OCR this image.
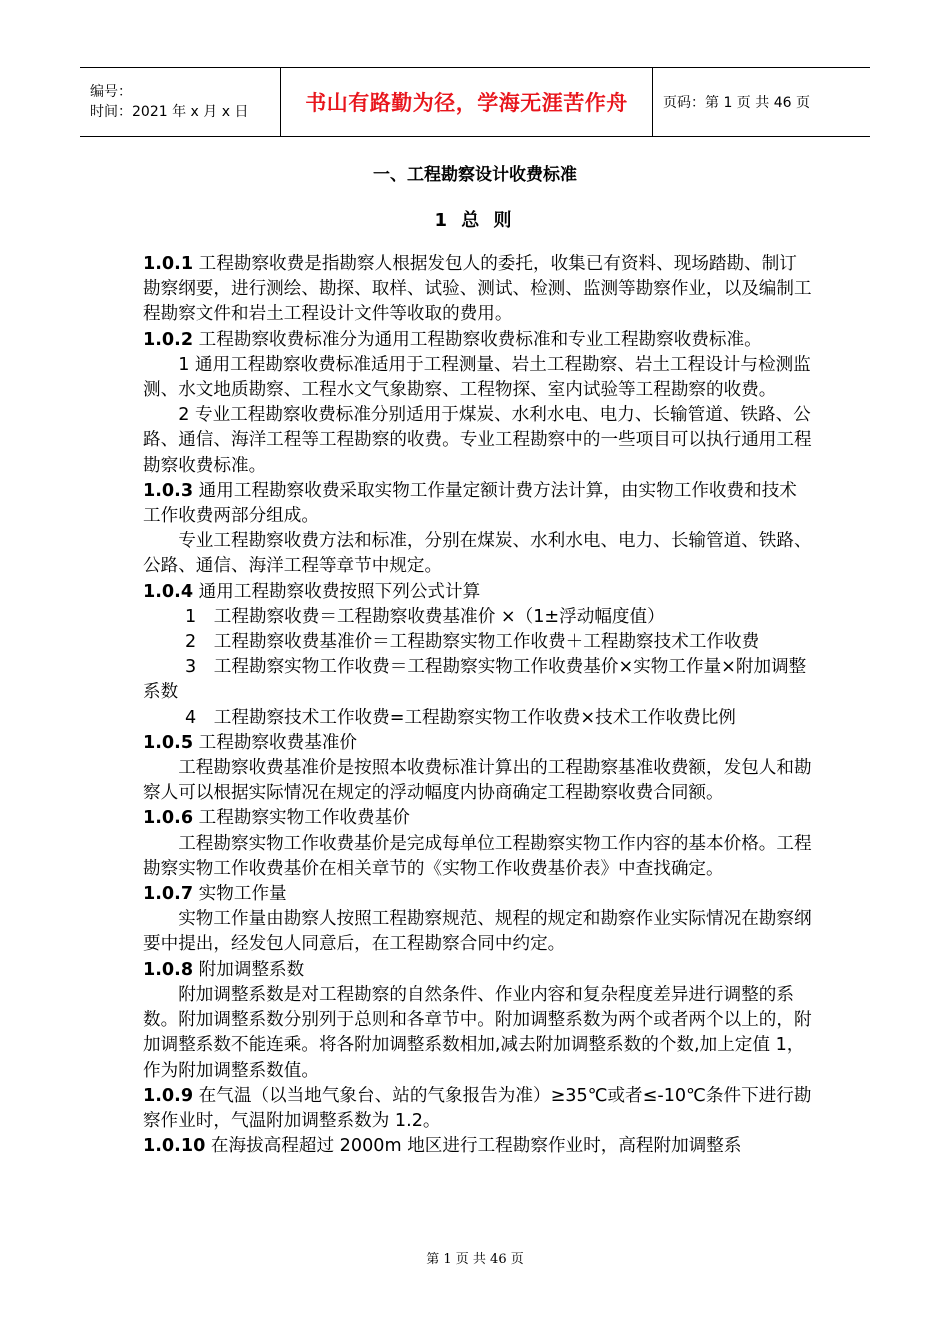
编号：
时间：2021 年 x 月 x 日	书山有路勤为径，学海无涯苦作舟	页码：第 1 页 共 46 页
一、工程勘察设计收费标准
1 总 则

1.0.1 工程勘察收费是指勘察人根据发包人的委托，收集已有资料、现场踏勘、制订勘察纲要，进行测绘、勘探、取样、试验、测试、检测、监测等勘察作业，以及编制工程勘察文件和岩土工程设计文件等收取的费用。

1.0.2 工程勘察收费标准分为通用工程勘察收费标准和专业工程勘察收费标准。

1 通用工程勘察收费标准适用于工程测量、岩土工程勘察、岩土工程设计与检测监测、水文地质勘察、工程水文气象勘察、工程物探、室内试验等工程勘察的收费。

2 专业工程勘察收费标准分别适用于煤炭、水利水电、电力、长输管道、铁路、公路、通信、海洋工程等工程勘察的收费。专业工程勘察中的一些项目可以执行通用工程勘察收费标准。

1.0.3 通用工程勘察收费采取实物工作量定额计费方法计算，由实物工作收费和技术工作收费两部分组成。

专业工程勘察收费方法和标准，分别在煤炭、水利水电、电力、长输管道、铁路、公路、通信、海洋工程等章节中规定。

1.0.4 通用工程勘察收费按照下列公式计算

1　工程勘察收费＝工程勘察收费基准价 ×（1±浮动幅度值）

2　工程勘察收费基准价＝工程勘察实物工作收费＋工程勘察技术工作收费

3　工程勘察实物工作收费＝工程勘察实物工作收费基价×实物工作量×附加调整系数

4　工程勘察技术工作收费=工程勘察实物工作收费×技术工作收费比例

1.0.5 工程勘察收费基准价

工程勘察收费基准价是按照本收费标准计算出的工程勘察基准收费额，发包人和勘察人可以根据实际情况在规定的浮动幅度内协商确定工程勘察收费合同额。

1.0.6 工程勘察实物工作收费基价

工程勘察实物工作收费基价是完成每单位工程勘察实物工作内容的基本价格。工程勘察实物工作收费基价在相关章节的《实物工作收费基价表》中查找确定。

1.0.7 实物工作量

实物工作量由勘察人按照工程勘察规范、规程的规定和勘察作业实际情况在勘察纲要中提出，经发包人同意后，在工程勘察合同中约定。

1.0.8 附加调整系数

附加调整系数是对工程勘察的自然条件、作业内容和复杂程度差异进行调整的系数。附加调整系数分别列于总则和各章节中。附加调整系数为两个或者两个以上的，附加调整系数不能连乘。将各附加调整系数相加,减去附加调整系数的个数,加上定值 1，作为附加调整系数值。

1.0.9 在气温（以当地气象台、站的气象报告为准）≥35℃或者≤-10℃条件下进行勘察作业时，气温附加调整系数为 1.2。

1.0.10 在海拔高程超过 2000m 地区进行工程勘察作业时，高程附加调整系

第 1 页 共 46 页
